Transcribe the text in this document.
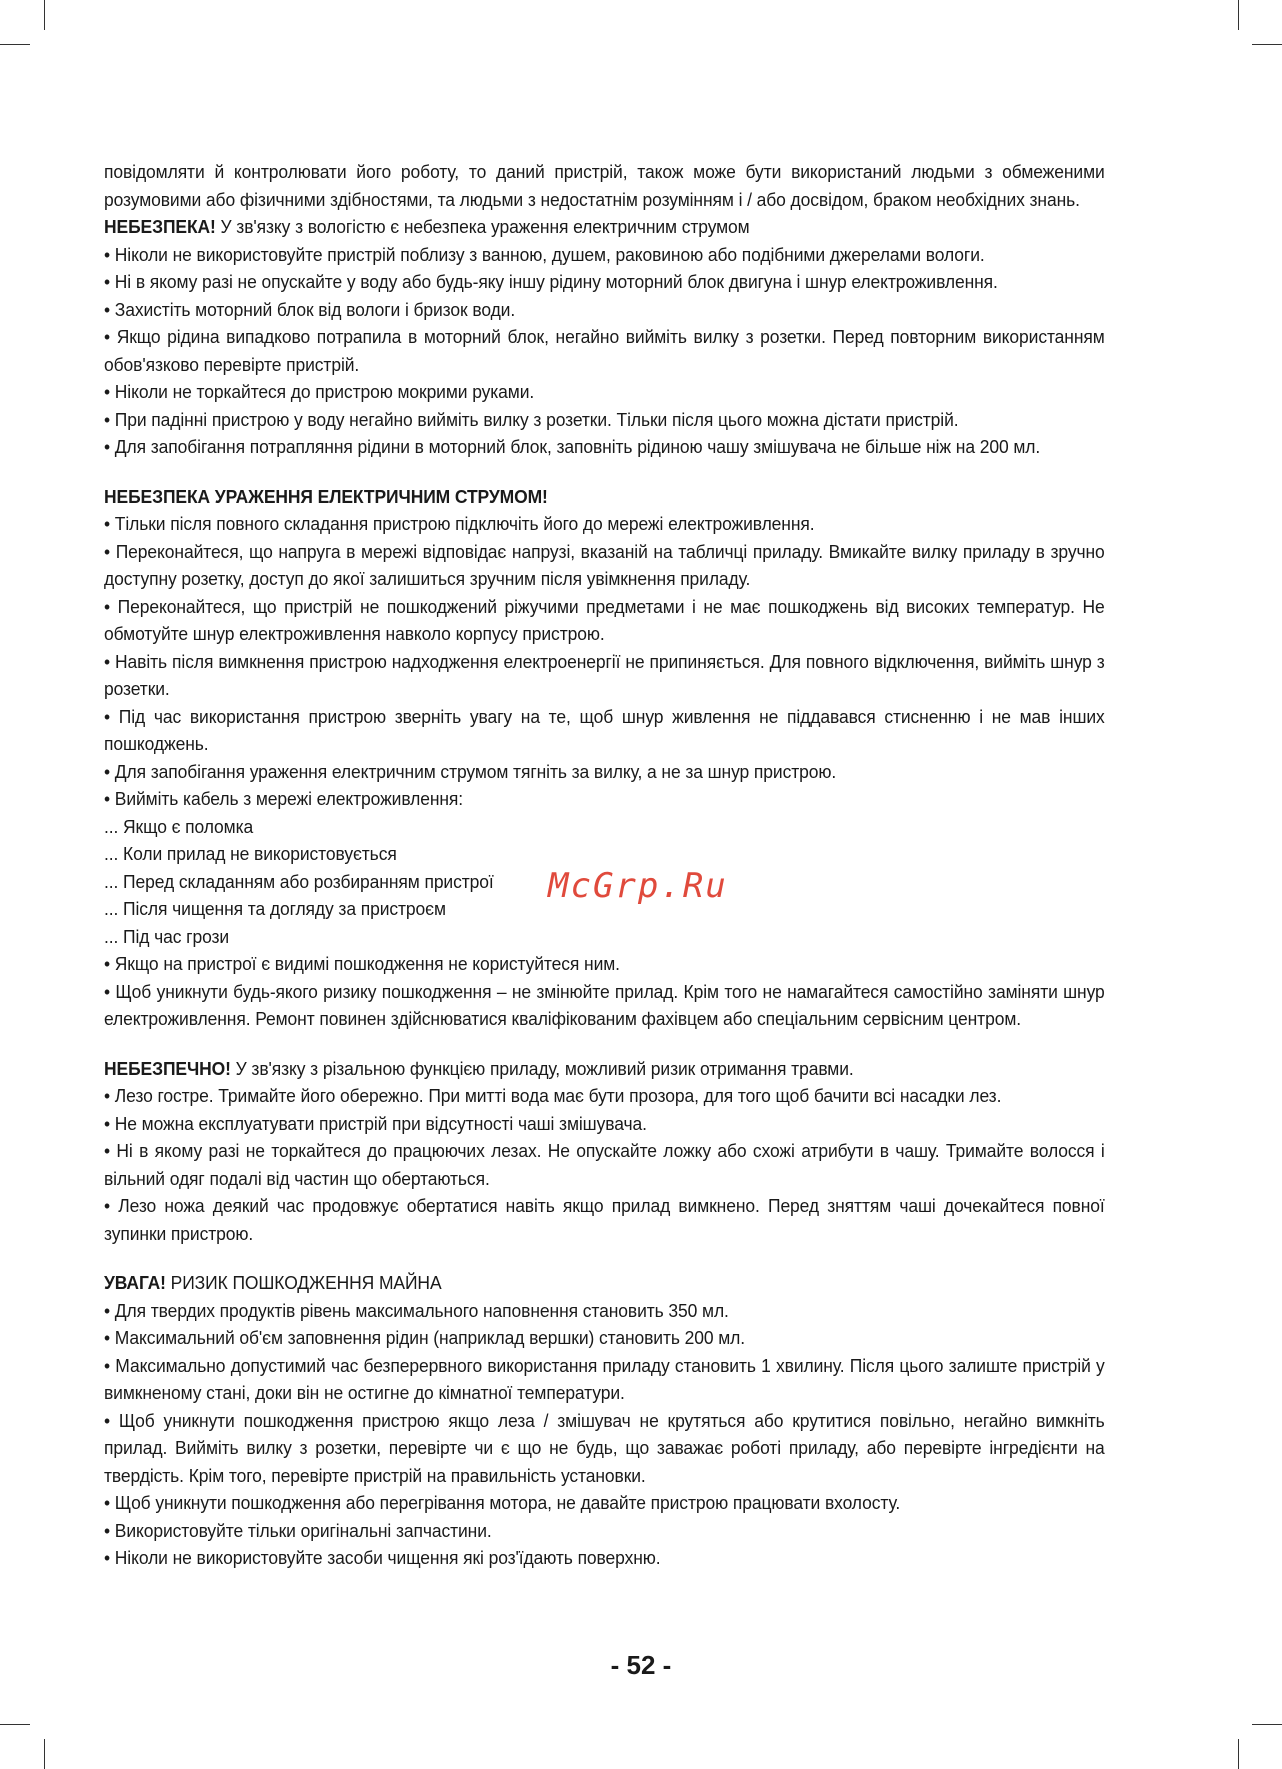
повідомляти й контролювати його роботу, то даний пристрій, також може бути використаний людьми з обмеженими розумовими або фізичними здібностями, та людьми з недостатнім розумінням і / або досвідом, браком необхідних знань.

НЕБЕЗПЕКА! У зв'язку з вологістю є небезпека ураження електричним струмом

• Ніколи не використовуйте пристрій поблизу з ванною, душем, раковиною або подібними джерелами вологи.

• Ні в якому разі не опускайте у воду або будь-яку іншу рідину моторний блок двигуна і шнур електроживлення.

• Захистіть моторний блок від вологи і бризок води.

• Якщо рідина випадково потрапила в моторний блок, негайно вийміть вилку з розетки. Перед повторним використанням обов'язково перевірте пристрій.

• Ніколи не торкайтеся до пристрою мокрими руками.

• При падінні пристрою у воду негайно вийміть вилку з розетки. Тільки після цього можна дістати пристрій.

• Для запобігання потрапляння рідини в моторний блок, заповніть рідиною чашу змішувача не більше ніж на 200 мл.

НЕБЕЗПЕКА УРАЖЕННЯ ЕЛЕКТРИЧНИМ СТРУМОМ!

• Тільки після повного складання пристрою підключіть його до мережі електроживлення.

• Переконайтеся, що напруга в мережі відповідає напрузі, вказаній на табличці приладу. Вмикайте вилку приладу в зручно доступну розетку, доступ до якої залишиться зручним після увімкнення приладу.

• Переконайтеся, що пристрій не пошкоджений ріжучими предметами і не має пошкоджень від високих температур. Не обмотуйте шнур електроживлення навколо корпусу пристрою.

• Навіть після вимкнення пристрою надходження електроенергії не припиняється. Для повного відключення, вийміть шнур з розетки.

• Під час використання пристрою зверніть увагу на те, щоб шнур живлення не піддавався стисненню і не мав інших пошкоджень.

• Для запобігання ураження електричним струмом тягніть за вилку, а не за шнур пристрою.

• Вийміть кабель з мережі електроживлення:

... Якщо є поломка

... Коли прилад не використовується

... Перед складанням або розбиранням пристрої

... Після чищення та догляду за пристроєм

... Під час грози

• Якщо на пристрої є видимі пошкодження не користуйтеся ним.

• Щоб уникнути будь-якого ризику пошкодження – не змінюйте прилад. Крім того не намагайтеся самостійно заміняти шнур електроживлення. Ремонт повинен здійснюватися кваліфікованим фахівцем або спеціальним сервісним центром.

НЕБЕЗПЕЧНО! У зв'язку з різальною функцією приладу, можливий ризик отримання травми.

• Лезо гостре. Тримайте його обережно. При митті вода має бути прозора, для того щоб бачити всі насадки лез.

• Не можна експлуатувати пристрій при відсутності чаші змішувача.

• Ні в якому разі не торкайтеся до працюючих лезах. Не опускайте ложку або схожі атрибути в чашу. Тримайте волосся і вільний одяг подалі від частин що обертаються.

• Лезо ножа деякий час продовжує обертатися навіть якщо прилад вимкнено. Перед зняттям чаші дочекайтеся повної зупинки пристрою.

УВАГА! РИЗИК ПОШКОДЖЕННЯ МАЙНА

• Для твердих продуктів рівень максимального наповнення становить 350 мл.

• Максимальний об'єм заповнення рідин (наприклад вершки) становить 200 мл.

• Максимально допустимий час безперервного використання приладу становить 1 хвилину. Після цього залиште пристрій у вимкненому стані, доки він не остигне до кімнатної температури.

• Щоб уникнути пошкодження пристрою якщо леза / змішувач не крутяться або крутитися повільно, негайно вимкніть прилад. Вийміть вилку з розетки, перевірте чи є що не будь, що заважає роботі приладу, або перевірте інгредієнти на твердість. Крім того, перевірте пристрій на правильність установки.

• Щоб уникнути пошкодження або перегрівання мотора, не давайте пристрою працювати вхолосту.

• Використовуйте тільки оригінальні запчастини.

• Ніколи не використовуйте засоби чищення які роз'їдають поверхню.

McGrp.Ru
- 52 -
